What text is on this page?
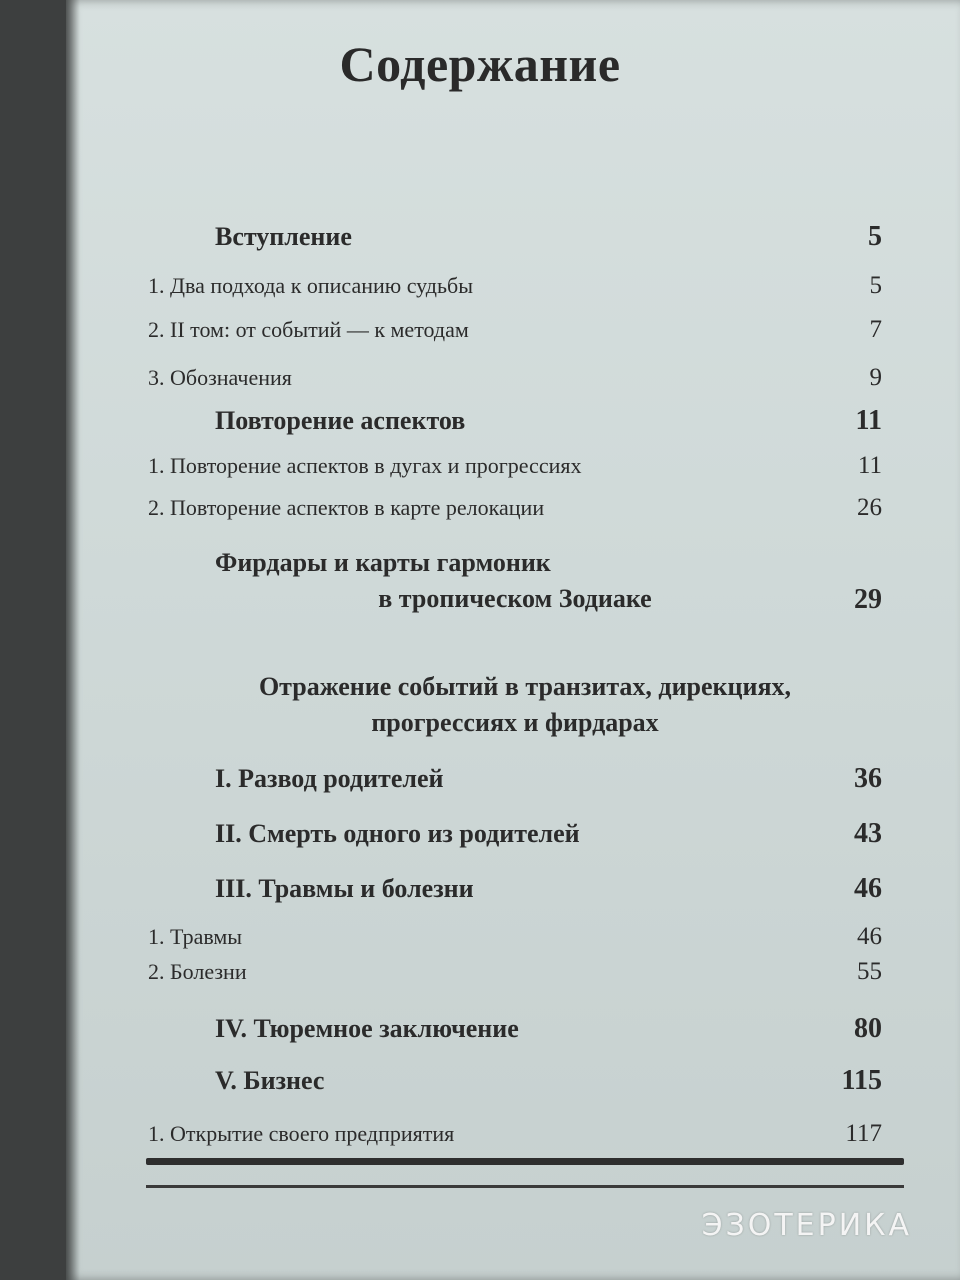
Содержание
Вступление	5
1. Два подхода к описанию судьбы	5
2. II том: от событий — к методам	7
3. Обозначения	9
Повторение аспектов	11
1. Повторение аспектов в дугах и прогрессиях	11
2. Повторение аспектов в карте релокации	26
Фирдары и карты гармоник
в тропическом Зодиаке	29
Отражение событий в транзитах, дирекциях,
прогрессиях и фирдарах
I. Развод родителей	36
II. Смерть одного из родителей	43
III. Травмы и болезни	46
1. Травмы	46
2. Болезни	55
IV. Тюремное заключение	80
V. Бизнес	115
1. Открытие своего предприятия	117
ЭЗОТЕРИКА
